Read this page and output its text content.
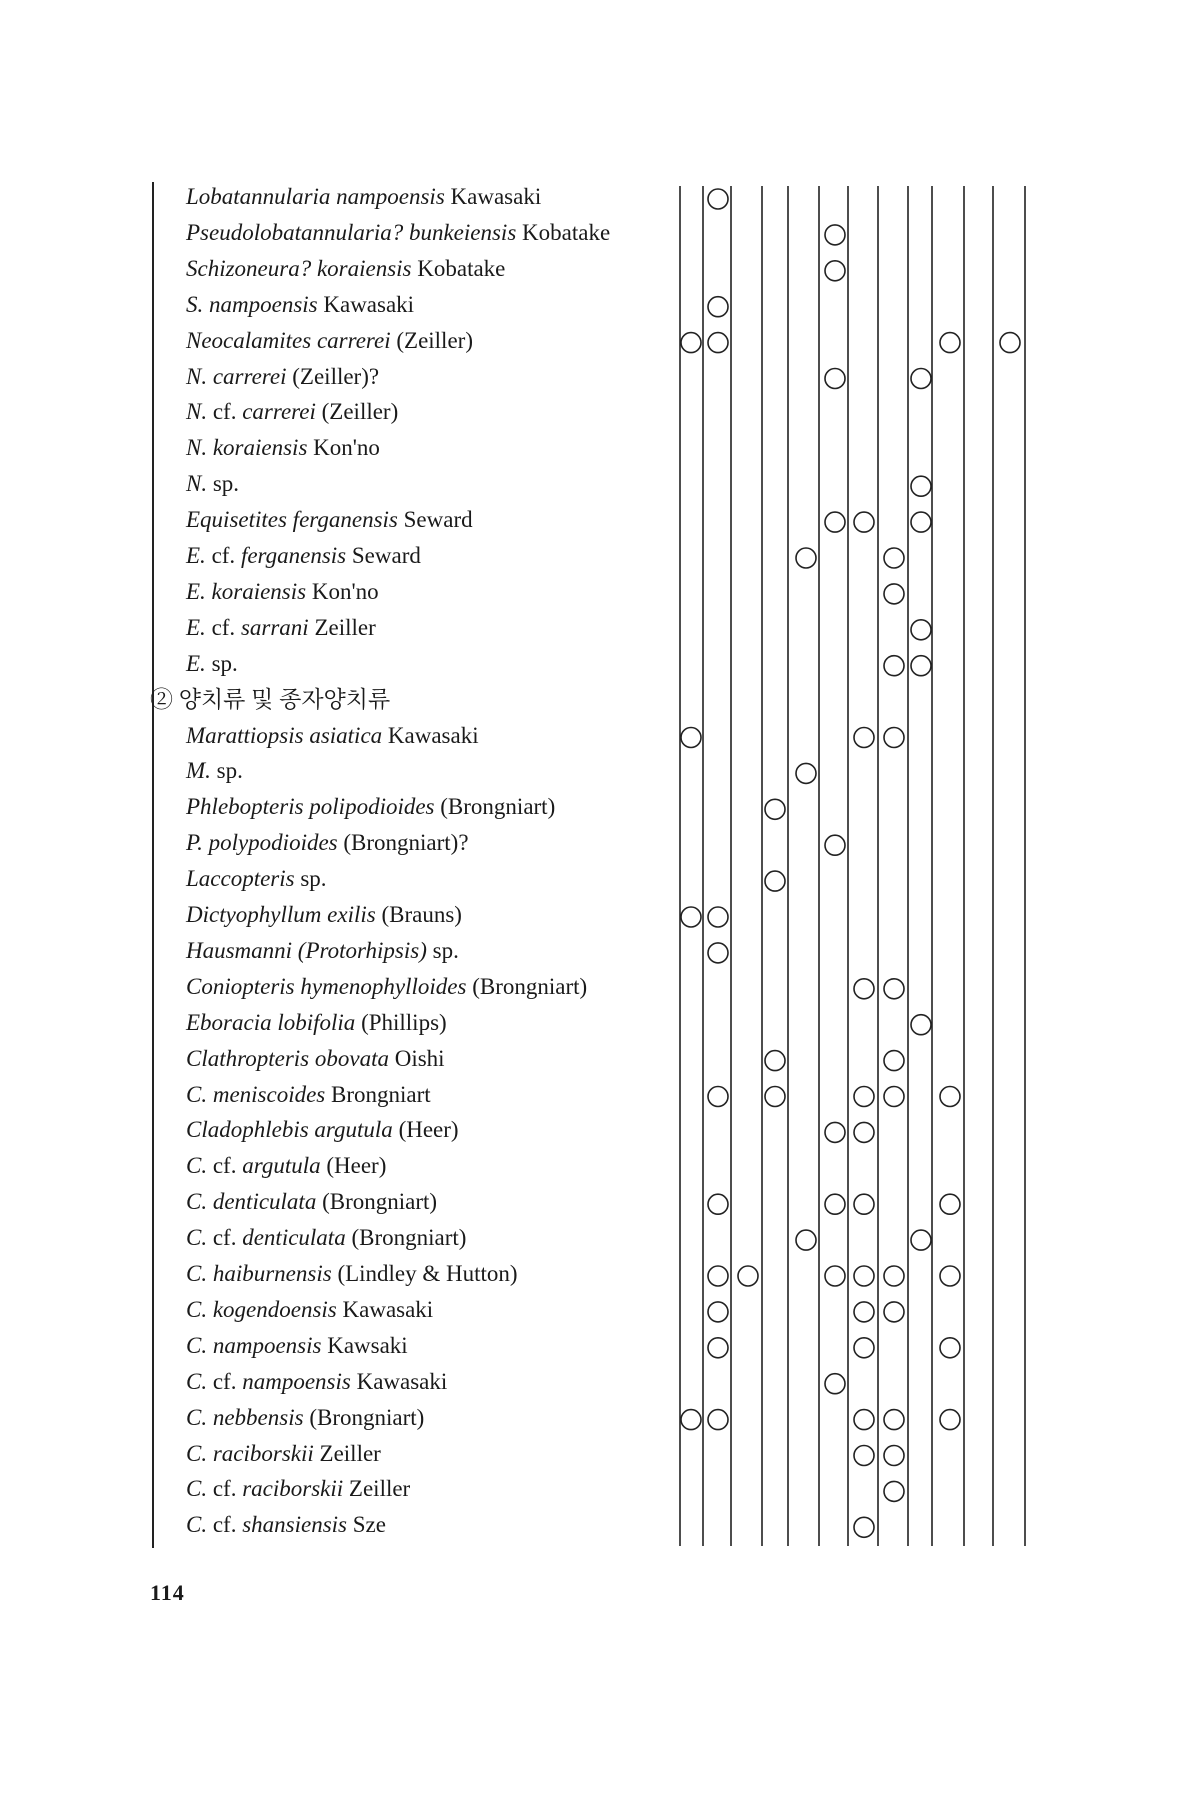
Lobatannularia nampoensis Kawasaki
Pseudolobatannularia? bunkeiensis Kobatake
Schizoneura? koraiensis Kobatake
S. nampoensis Kawasaki
Neocalamites carrerei (Zeiller)
N. carrerei (Zeiller)?
N. cf. carrerei (Zeiller)
N. koraiensis Kon'no
N. sp.
Equisetites ferganensis Seward
E. cf. ferganensis Seward
E. koraiensis Kon'no
E. cf. sarrani Zeiller
E. sp.
② 양치류 및 종자양치류
Marattiopsis asiatica Kawasaki
M. sp.
Phlebopteris polipodioides (Brongniart)
P. polypodioides (Brongniart)?
Laccopteris sp.
Dictyophyllum exilis (Brauns)
Hausmanni (Protorhipsis) sp.
Coniopteris hymenophylloides (Brongniart)
Eboracia lobifolia (Phillips)
Clathropteris obovata Oishi
C. meniscoides Brongniart
Cladophlebis argutula (Heer)
C. cf. argutula (Heer)
C. denticulata (Brongniart)
C. cf. denticulata (Brongniart)
C. haiburnensis (Lindley & Hutton)
C. kogendoensis Kawasaki
C. nampoensis Kawsaki
C. cf. nampoensis Kawasaki
C. nebbensis (Brongniart)
C. raciborskii Zeiller
C. cf. raciborskii Zeiller
C. cf. shansiensis Sze
114
